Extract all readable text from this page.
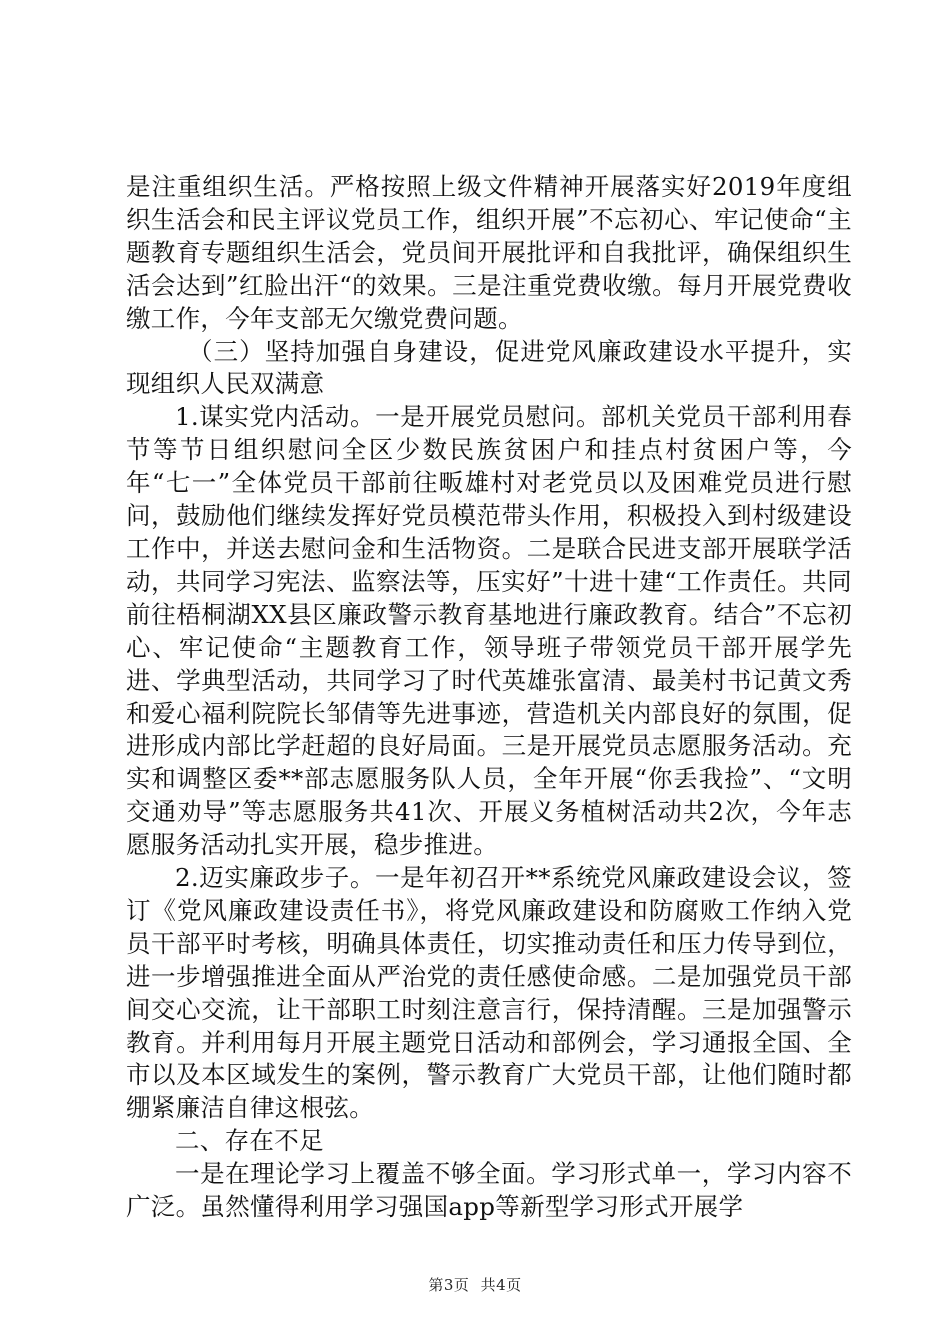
是注重组织生活。严格按照上级文件精神开展落实好2019年度组织生活会和民主评议党员工作，组织开展”不忘初心、牢记使命“主题教育专题组织生活会，党员间开展批评和自我批评，确保组织生活会达到”红脸出汗“的效果。三是注重党费收缴。每月开展党费收缴工作，今年支部无欠缴党费问题。

（三）坚持加强自身建设，促进党风廉政建设水平提升，实现组织人民双满意

1.谋实党内活动。一是开展党员慰问。部机关党员干部利用春节等节日组织慰问全区少数民族贫困户和挂点村贫困户等，今年“七一”全体党员干部前往畈雄村对老党员以及困难党员进行慰问，鼓励他们继续发挥好党员模范带头作用，积极投入到村级建设工作中，并送去慰问金和生活物资。二是联合民进支部开展联学活动，共同学习宪法、监察法等，压实好”十进十建“工作责任。共同前往梧桐湖XX县区廉政警示教育基地进行廉政教育。结合”不忘初心、牢记使命“主题教育工作，领导班子带领党员干部开展学先进、学典型活动，共同学习了时代英雄张富清、最美村书记黄文秀和爱心福利院院长邹倩等先进事迹，营造机关内部良好的氛围，促进形成内部比学赶超的良好局面。三是开展党员志愿服务活动。充实和调整区委**部志愿服务队人员，全年开展“你丢我捡”、“文明交通劝导”等志愿服务共41次、开展义务植树活动共2次，今年志愿服务活动扎实开展，稳步推进。

2.迈实廉政步子。一是年初召开**系统党风廉政建设会议，签订《党风廉政建设责任书》，将党风廉政建设和防腐败工作纳入党员干部平时考核，明确具体责任，切实推动责任和压力传导到位，进一步增强推进全面从严治党的责任感使命感。二是加强党员干部间交心交流，让干部职工时刻注意言行，保持清醒。三是加强警示教育。并利用每月开展主题党日活动和部例会，学习通报全国、全市以及本区域发生的案例，警示教育广大党员干部，让他们随时都绷紧廉洁自律这根弦。

二、存在不足

一是在理论学习上覆盖不够全面。学习形式单一，学习内容不广泛。虽然懂得利用学习强国app等新型学习形式开展学

第3页 共4页
